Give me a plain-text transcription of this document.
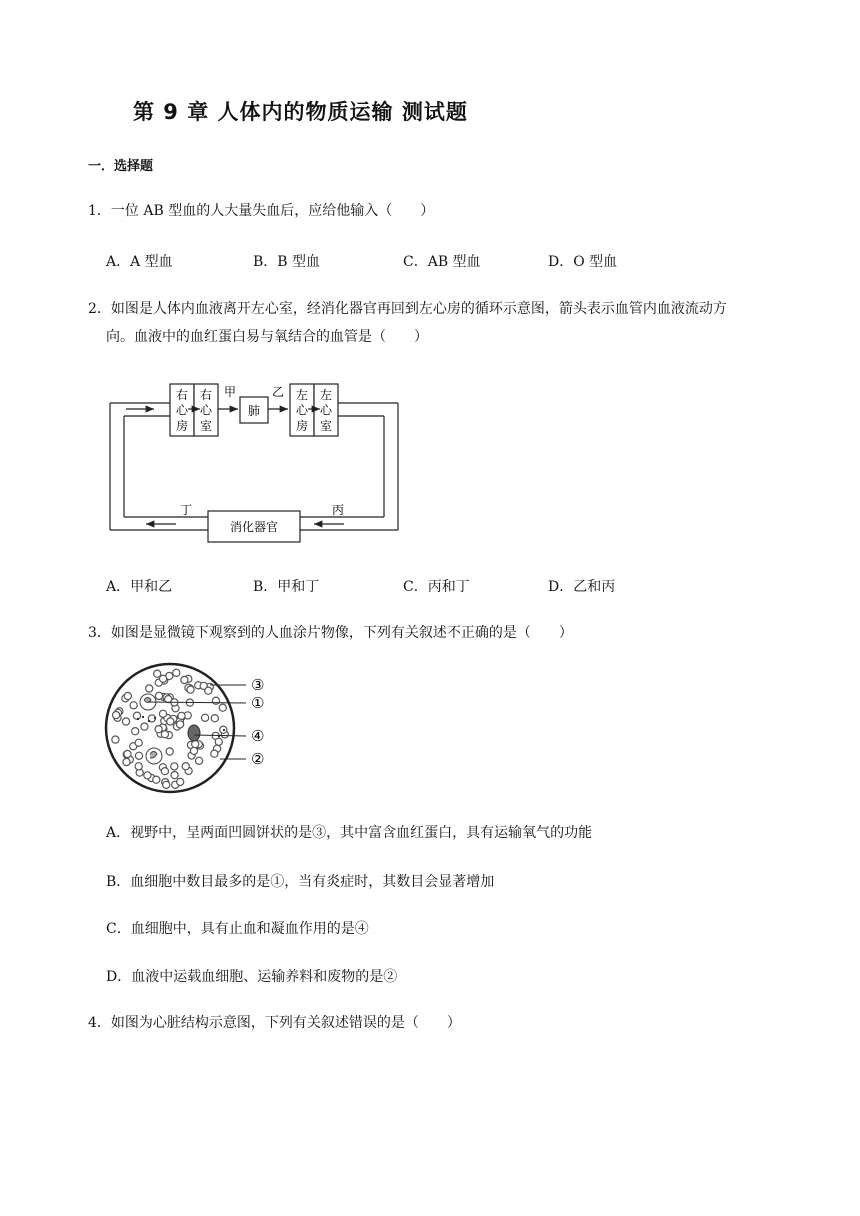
第 9 章 人体内的物质运输 测试题
一．选择题
1．一位 AB 型血的人大量失血后，应给他输入（　　）
A．A 型血	B．B 型血	C．AB 型血	D．O 型血
2．如图是人体内血液离开左心室，经消化器官再回到左心房的循环示意图，箭头表示血管内血液流动方
向。血液中的血红蛋白易与氧结合的血管是（　　）
右
心
房
右
心
室
左
心
房
左
心
室
肺
消化器官
甲	乙
丙
丁
A．甲和乙	B．甲和丁	C．丙和丁	D．乙和丙
3．如图是显微镜下观察到的人血涂片物像，下列有关叙述不正确的是（　　）
③
①
④
②
A．视野中，呈两面凹圆饼状的是③，其中富含血红蛋白，具有运输氧气的功能
B．血细胞中数目最多的是①，当有炎症时，其数目会显著增加
C．血细胞中，具有止血和凝血作用的是④
D．血液中运载血细胞、运输养料和废物的是②
4．如图为心脏结构示意图，下列有关叙述错误的是（　　）
